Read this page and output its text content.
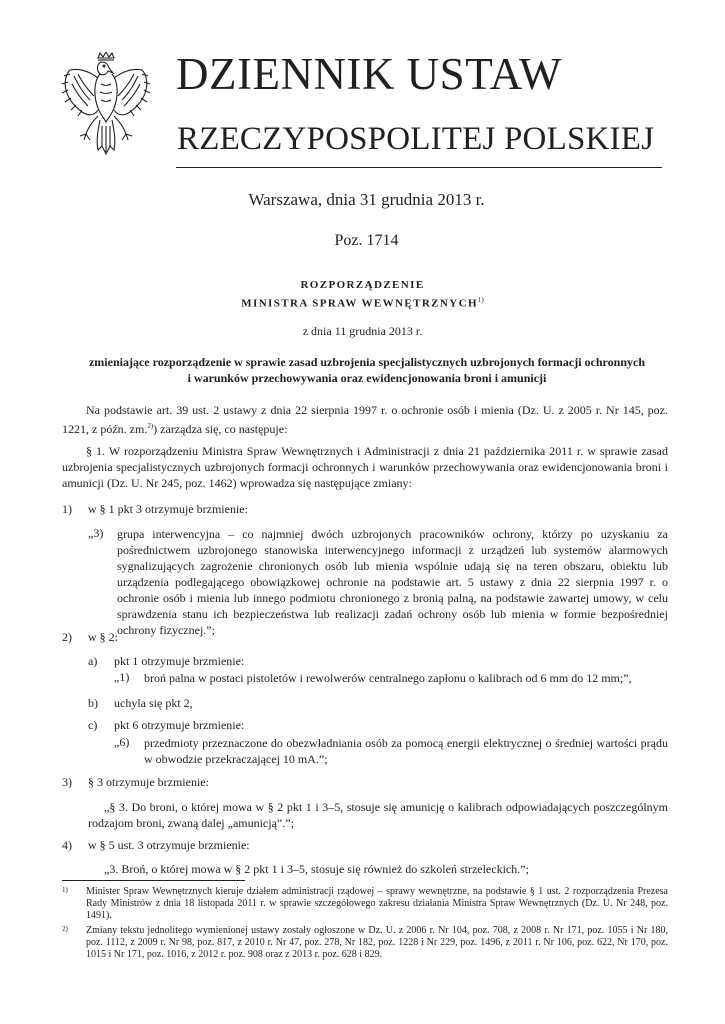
DZIENNIK USTAW
RZECZYPOSPOLITEJ POLSKIEJ
Warszawa, dnia 31 grudnia 2013 r.
Poz. 1714
ROZPORZĄDZENIE
MINISTRA SPRAW WEWNĘTRZNYCH$^{1)}$
z dnia 11 grudnia 2013 r.
zmieniające rozporządzenie w sprawie zasad uzbrojenia specjalistycznych uzbrojonych formacji ochronnych
i warunków przechowywania oraz ewidencjonowania broni i amunicji
Na podstawie art. 39 ust. 2 ustawy z dnia 22 sierpnia 1997 r. o ochronie osób i mienia (Dz. U. z 2005 r. Nr 145, poz. 1221, z późn. zm.$^{2)}$) zarządza się, co następuje:
§ 1. W rozporządzeniu Ministra Spraw Wewnętrznych i Administracji z dnia 21 października 2011 r. w sprawie zasad uzbrojenia specjalistycznych uzbrojonych formacji ochronnych i warunków przechowywania oraz ewidencjonowania broni i amunicji (Dz. U. Nr 245, poz. 1462) wprowadza się następujące zmiany:
1) w § 1 pkt 3 otrzymuje brzmienie:
„3) grupa interwencyjna – co najmniej dwóch uzbrojonych pracowników ochrony, którzy po uzyskaniu za pośrednictwem uzbrojonego stanowiska interwencyjnego informacji z urządzeń lub systemów alarmowych sygnalizujących zagrożenie chronionych osób lub mienia wspólnie udają się na teren obszaru, obiektu lub urządzenia podlegającego obowiązkowej ochronie na podstawie art. 5 ustawy z dnia 22 sierpnia 1997 r. o ochronie osób i mienia lub innego podmiotu chronionego z bronią palną, na podstawie zawartej umowy, w celu sprawdzenia stanu ich bezpieczeństwa lub realizacji zadań ochrony osób lub mienia w formie bezpośredniej ochrony fizycznej.”;
2) w § 2:
a) pkt 1 otrzymuje brzmienie:
„1) broń palna w postaci pistoletów i rewolwerów centralnego zapłonu o kalibrach od 6 mm do 12 mm;”,
b) uchyla się pkt 2,
c) pkt 6 otrzymuje brzmienie:
„6) przedmioty przeznaczone do obezwładniania osób za pomocą energii elektrycznej o średniej wartości prądu w obwodzie przekraczającej 10 mA.”;
3) § 3 otrzymuje brzmienie:
„§ 3. Do broni, o której mowa w § 2 pkt 1 i 3–5, stosuje się amunicję o kalibrach odpowiadających poszczególnym rodzajom broni, zwaną dalej „amunicją”.”;
4) w § 5 ust. 3 otrzymuje brzmienie:
„3. Broń, o której mowa w § 2 pkt 1 i 3–5, stosuje się również do szkoleń strzeleckich.”;
1) Minister Spraw Wewnętrznych kieruje działem administracji rządowej – sprawy wewnętrzne, na podstawie § 1 ust. 2 rozporządzenia Prezesa Rady Ministrów z dnia 18 listopada 2011 r. w sprawie szczegółowego zakresu działania Ministra Spraw Wewnętrznych (Dz. U. Nr 248, poz. 1491).
2) Zmiany tekstu jednolitego wymienionej ustawy zostały ogłoszone w Dz. U. z 2006 r. Nr 104, poz. 708, z 2008 r. Nr 171, poz. 1055 i Nr 180, poz. 1112, z 2009 r. Nr 98, poz. 817, z 2010 r. Nr 47, poz. 278, Nr 182, poz. 1228 i Nr 229, poz. 1496, z 2011 r. Nr 106, poz. 622, Nr 170, poz. 1015 i Nr 171, poz. 1016, z 2012 r. poz. 908 oraz z 2013 r. poz. 628 i 829.
